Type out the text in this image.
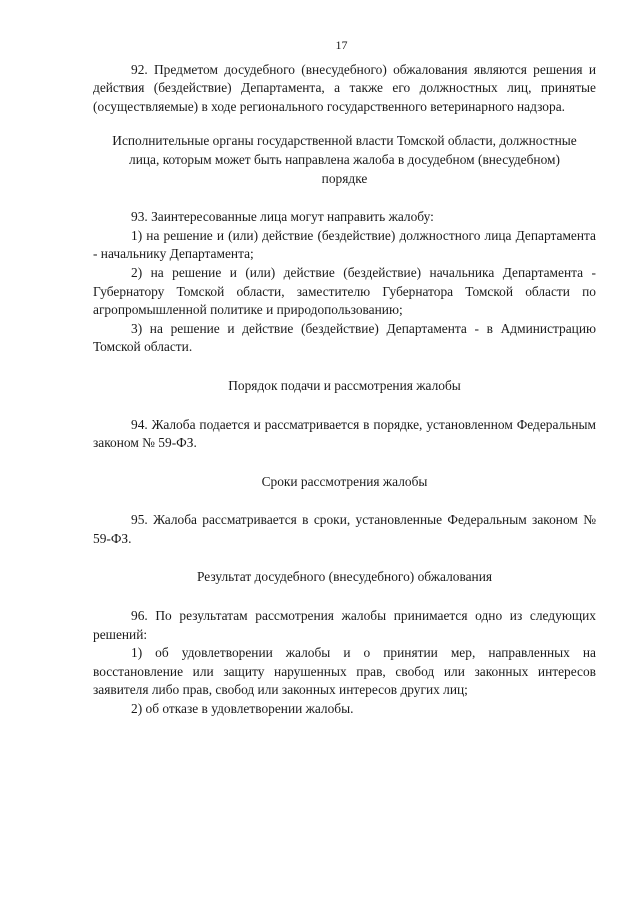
17

92. Предметом досудебного (внесудебного) обжалования являются решения и действия (бездействие) Департамента, а также его должностных лиц, принятые (осуществляемые) в ходе регионального государственного ветеринарного надзора.

Исполнительные органы государственной власти Томской области, должностные лица, которым может быть направлена жалоба в досудебном (внесудебном) порядке

93. Заинтересованные лица могут направить жалобу:

1) на решение и (или) действие (бездействие) должностного лица Департамента - начальнику Департамента;

2) на решение и (или) действие (бездействие) начальника Департамента - Губернатору Томской области, заместителю Губернатора Томской области по агропромышленной политике и природопользованию;

3) на решение и действие (бездействие) Департамента - в Администрацию Томской области.

Порядок подачи и рассмотрения жалобы

94. Жалоба подается и рассматривается в порядке, установленном Федеральным законом № 59-ФЗ.

Сроки рассмотрения жалобы

95. Жалоба рассматривается в сроки, установленные Федеральным законом № 59-ФЗ.

Результат досудебного (внесудебного) обжалования

96. По результатам рассмотрения жалобы принимается одно из следующих решений:

1) об удовлетворении жалобы и о принятии мер, направленных на восстановление или защиту нарушенных прав, свобод или законных интересов заявителя либо прав, свобод или законных интересов других лиц;

2) об отказе в удовлетворении жалобы.
